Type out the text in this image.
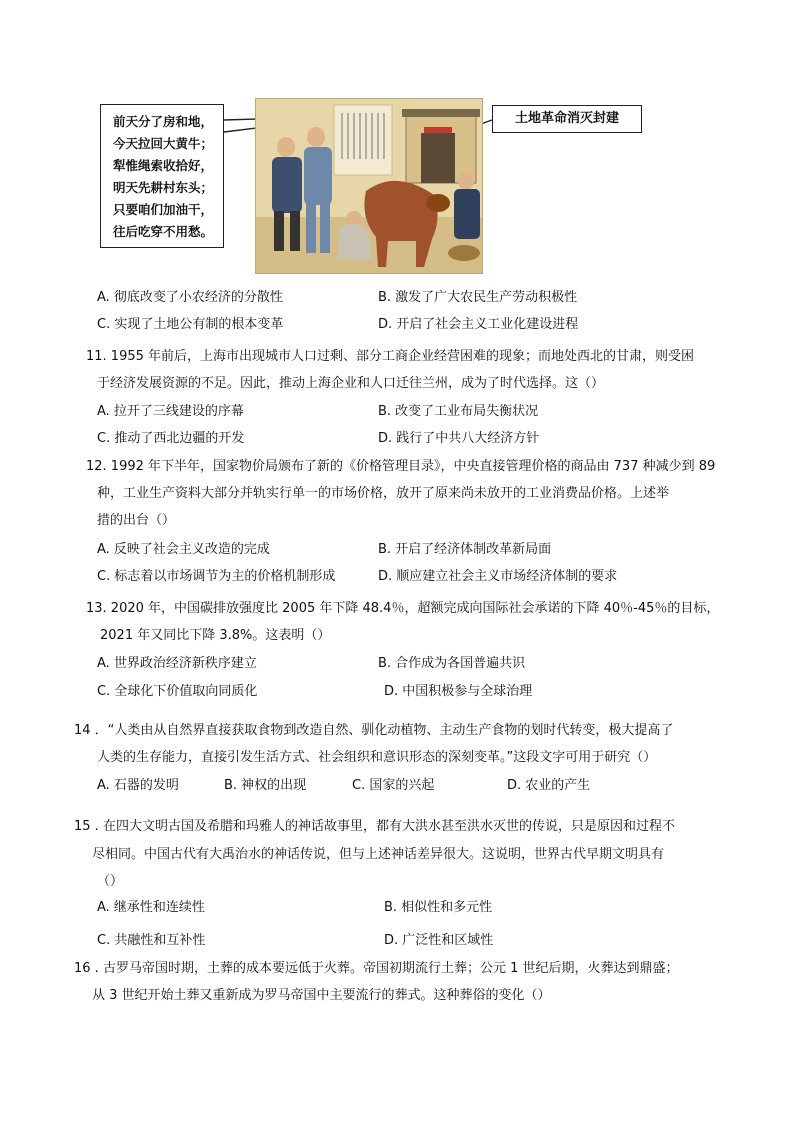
前天分了房和地，
今天拉回大黄牛；
犁惟绳索收拾好，
明天先耕村东头；
只要咱们加油干，
往后吃穿不用愁。
土地革命消灭封建
A. 彻底改变了小农经济的分散性	B. 激发了广大农民生产劳动积极性
C. 实现了土地公有制的根本变革	D. 开启了社会主义工业化建设进程
11. 1955 年前后，上海市出现城市人口过剩、部分工商企业经营困难的现象；而地处西北的甘肃，则受困
于经济发展资源的不足。因此，推动上海企业和人口迁往兰州，成为了时代选择。这（）
A. 拉开了三线建设的序幕	B. 改变了工业布局失衡状况
C. 推动了西北边疆的开发	D. 践行了中共八大经济方针
12. 1992 年下半年，国家物价局颁布了新的《价格管理目录》，中央直接管理价格的商品由 737 种减少到 89
种，工业生产资料大部分并轨实行单一的市场价格，放开了原来尚未放开的工业消费品价格。上述举
措的出台（）
A. 反映了社会主义改造的完成	B. 开启了经济体制改革新局面
C. 标志着以市场调节为主的价格机制形成	D. 顺应建立社会主义市场经济体制的要求
13. 2020 年，中国碳排放强度比 2005 年下降 48.4％，超额完成向国际社会承诺的下降 40％-45％的目标，
2021 年又同比下降 3.8%。这表明（）
A. 世界政治经济新秩序建立	B. 合作成为各国普遍共识
C. 全球化下价值取向同质化	D. 中国积极参与全球治理
14 ．“人类由从自然界直接获取食物到改造自然、驯化动植物、主动生产食物的划时代转变，极大提高了
人类的生存能力，直接引发生活方式、社会组织和意识形态的深刻变革。”这段文字可用于研究（）
A. 石器的发明	B. 神权的出现	C. 国家的兴起	D. 农业的产生
15 . 在四大文明古国及希腊和玛雅人的神话故事里，都有大洪水甚至洪水灭世的传说，只是原因和过程不
尽相同。中国古代有大禹治水的神话传说，但与上述神话差异很大。这说明，世界古代早期文明具有
（）
A. 继承性和连续性	B. 相似性和多元性
C. 共融性和互补性	D. 广泛性和区域性
16 . 古罗马帝国时期，土葬的成本要远低于火葬。帝国初期流行土葬；公元 1 世纪后期，火葬达到鼎盛；
从 3 世纪开始土葬又重新成为罗马帝国中主要流行的葬式。这种葬俗的变化（）
